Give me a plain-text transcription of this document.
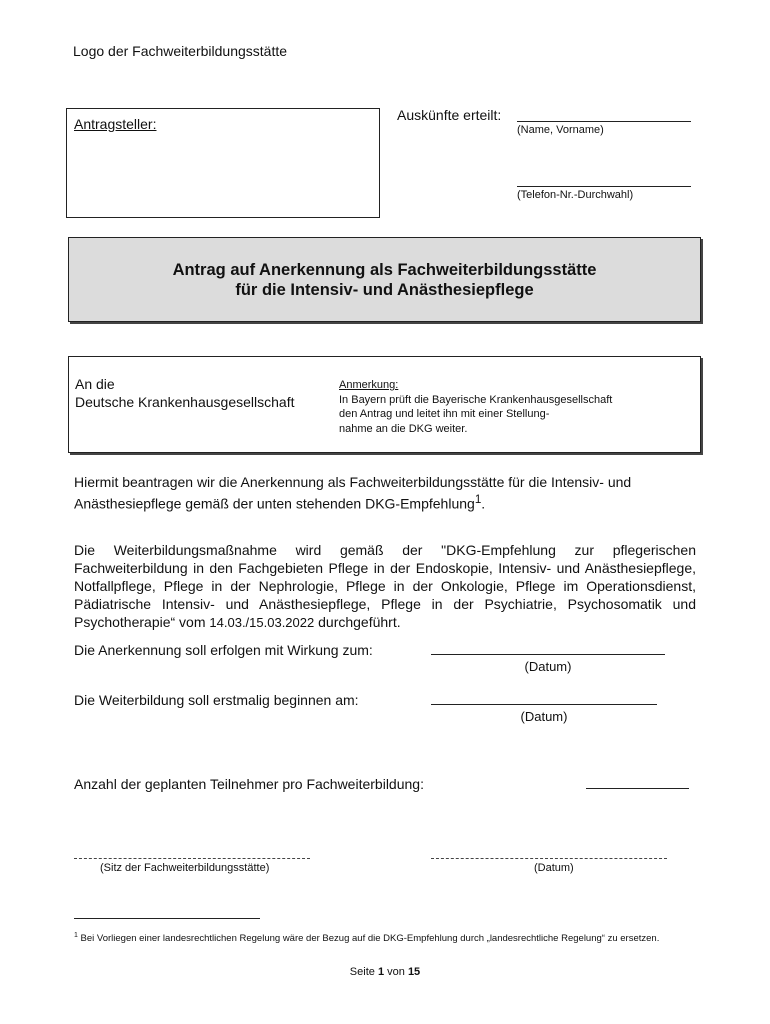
Logo der Fachweiterbildungsstätte
Antragsteller:
Auskünfte erteilt:
(Name, Vorname)
(Telefon-Nr.-Durchwahl)
Antrag auf Anerkennung als Fachweiterbildungsstätte
für die Intensiv- und Anästhesiepflege
An die
Deutsche Krankenhausgesellschaft
Anmerkung:
In Bayern prüft die Bayerische Krankenhausgesellschaft
den Antrag und leitet ihn mit einer Stellung-
nahme an die DKG weiter.
Hiermit beantragen wir die Anerkennung als Fachweiterbildungsstätte für die Intensiv- und Anästhesiepflege gemäß der unten stehenden DKG-Empfehlung$^1$.
Die Weiterbildungsmaßnahme wird gemäß der "DKG-Empfehlung zur pflegerischen Fachweiterbildung in den Fachgebieten Pflege in der Endoskopie, Intensiv- und Anästhesiepflege, Notfallpflege, Pflege in der Nephrologie, Pflege in der Onkologie, Pflege im Operationsdienst, Pädiatrische Intensiv- und Anästhesiepflege, Pflege in der Psychiatrie, Psychosomatik und Psychotherapie“ vom 14.03./15.03.2022 durchgeführt.
Die Anerkennung soll erfolgen mit Wirkung zum:
(Datum)
Die Weiterbildung soll erstmalig beginnen am:
(Datum)
Anzahl der geplanten Teilnehmer pro Fachweiterbildung:
(Sitz der Fachweiterbildungsstätte)	(Datum)
$^1$ Bei Vorliegen einer landesrechtlichen Regelung wäre der Bezug auf die DKG-Empfehlung durch „landesrechtliche Regelung“ zu ersetzen.
Seite 1 von 15
